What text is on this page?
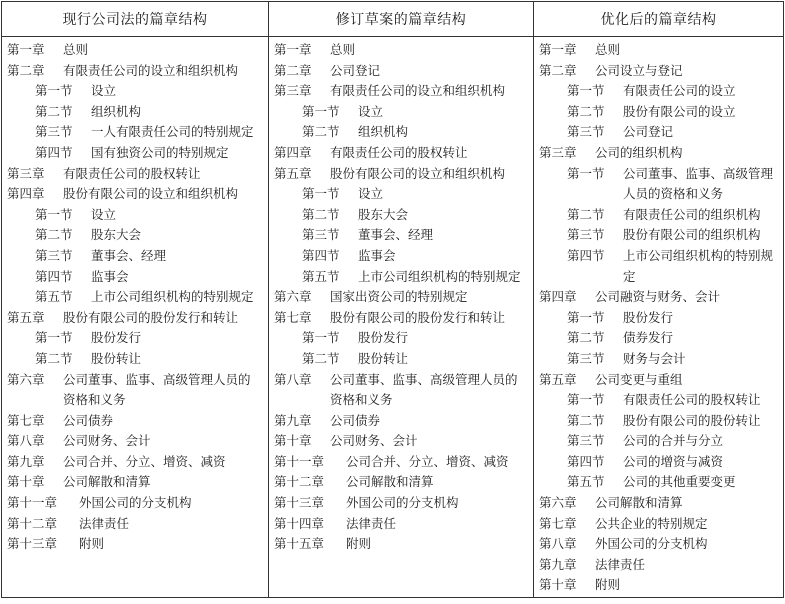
现行公司法的篇章结构
第一章	总则
第二章	有限责任公司的设立和组织机构
第一节	设立
第二节	组织机构
第三节	一人有限责任公司的特别规定
第四节	国有独资公司的特别规定
第三章	有限责任公司的股权转让
第四章	股份有限公司的设立和组织机构
第一节	设立
第二节	股东大会
第三节	董事会、经理
第四节	监事会
第五节	上市公司组织机构的特别规定
第五章	股份有限公司的股份发行和转让
第一节	股份发行
第二节	股份转让
第六章	公司董事、监事、高级管理人员的资格和义务
第七章	公司债券
第八章	公司财务、会计
第九章	公司合并、分立、增资、减资
第十章	公司解散和清算
第十一章	外国公司的分支机构
第十二章	法律责任
第十三章	附则
修订草案的篇章结构
第一章	总则
第二章	公司登记
第三章	有限责任公司的设立和组织机构
第一节	设立
第二节	组织机构
第四章	有限责任公司的股权转让
第五章	股份有限公司的设立和组织机构
第一节	设立
第二节	股东大会
第三节	董事会、经理
第四节	监事会
第五节	上市公司组织机构的特别规定
第六章	国家出资公司的特别规定
第七章	股份有限公司的股份发行和转让
第一节	股份发行
第二节	股份转让
第八章	公司董事、监事、高级管理人员的资格和义务
第九章	公司债券
第十章	公司财务、会计
第十一章	公司合并、分立、增资、减资
第十二章	公司解散和清算
第十三章	外国公司的分支机构
第十四章	法律责任
第十五章	附则
优化后的篇章结构
第一章	总则
第二章	公司设立与登记
第一节	有限责任公司的设立
第二节	股份有限公司的设立
第三节	公司登记
第三章	公司的组织机构
第一节	公司董事、监事、高级管理人员的资格和义务
第二节	有限责任公司的组织机构
第三节	股份有限公司的组织机构
第四节	上市公司组织机构的特别规定
第四章	公司融资与财务、会计
第一节	股份发行
第二节	债券发行
第三节	财务与会计
第五章	公司变更与重组
第一节	有限责任公司的股权转让
第二节	股份有限公司的股份转让
第三节	公司的合并与分立
第四节	公司的增资与减资
第五节	公司的其他重要变更
第六章	公司解散和清算
第七章	公共企业的特别规定
第八章	外国公司的分支机构
第九章	法律责任
第十章	附则
